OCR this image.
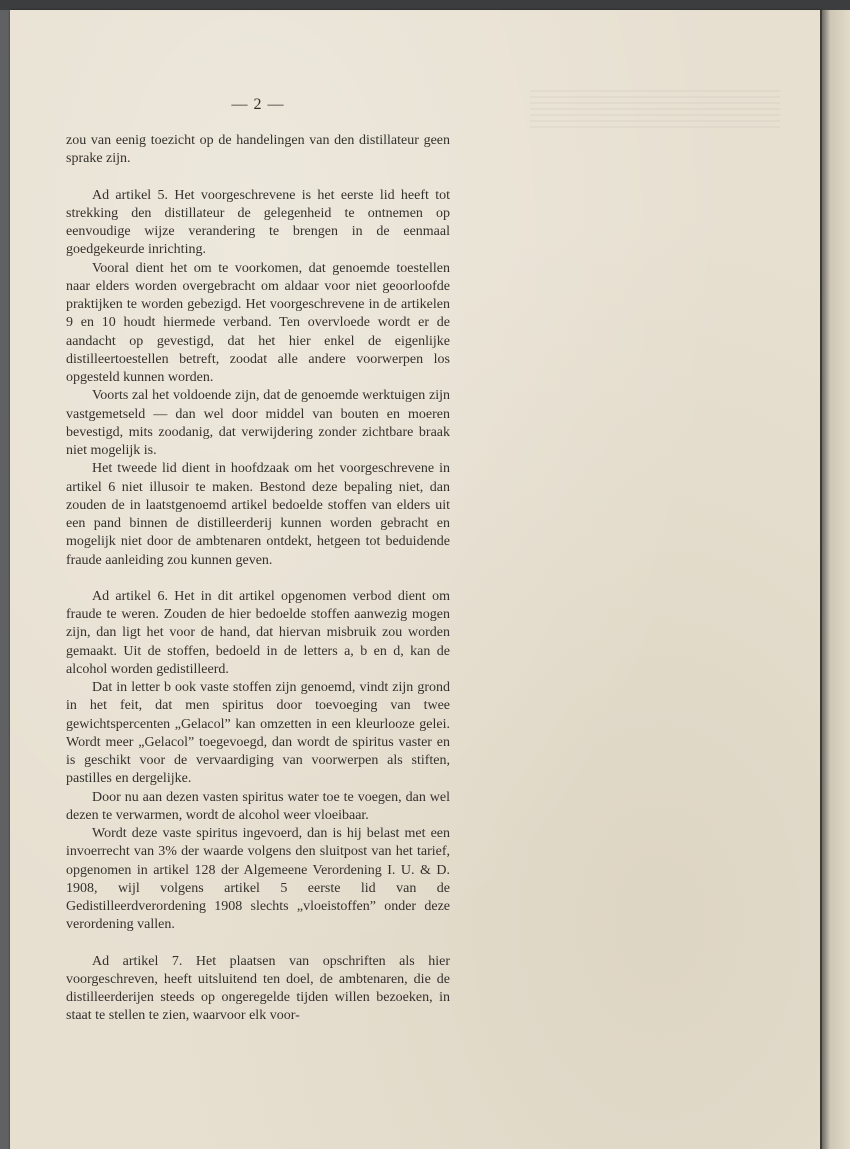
— 2 —

zou van eenig toezicht op de handelingen van den distillateur geen sprake zijn.

Ad artikel 5. Het voorgeschrevene is het eerste lid heeft tot strekking den distillateur de gelegenheid te ontnemen op eenvoudige wijze verandering te brengen in de eenmaal goedgekeurde inrichting.

Vooral dient het om te voorkomen, dat genoemde toestellen naar elders worden overgebracht om aldaar voor niet geoorloofde praktijken te worden gebezigd. Het voorgeschrevene in de artikelen 9 en 10 houdt hiermede verband. Ten overvloede wordt er de aandacht op gevestigd, dat het hier enkel de eigenlijke distilleertoestellen betreft, zoodat alle andere voorwerpen los opgesteld kunnen worden.

Voorts zal het voldoende zijn, dat de genoemde werktuigen zijn vastgemetseld — dan wel door middel van bouten en moeren bevestigd, mits zoodanig, dat verwijdering zonder zichtbare braak niet mogelijk is.

Het tweede lid dient in hoofdzaak om het voorgeschrevene in artikel 6 niet illusoir te maken. Bestond deze bepaling niet, dan zouden de in laatstgenoemd artikel bedoelde stoffen van elders uit een pand binnen de distilleerderij kunnen worden gebracht en mogelijk niet door de ambtenaren ontdekt, hetgeen tot beduidende fraude aanleiding zou kunnen geven.

Ad artikel 6. Het in dit artikel opgenomen verbod dient om fraude te weren. Zouden de hier bedoelde stoffen aanwezig mogen zijn, dan ligt het voor de hand, dat hiervan misbruik zou worden gemaakt. Uit de stoffen, bedoeld in de letters a, b en d, kan de alcohol worden gedistilleerd.

Dat in letter b ook vaste stoffen zijn genoemd, vindt zijn grond in het feit, dat men spiritus door toevoeging van twee gewichtspercenten „Gelacol” kan omzetten in een kleurlooze gelei. Wordt meer „Gelacol” toegevoegd, dan wordt de spiritus vaster en is geschikt voor de vervaardiging van voorwerpen als stiften, pastilles en dergelijke.

Door nu aan dezen vasten spiritus water toe te voegen, dan wel dezen te verwarmen, wordt de alcohol weer vloeibaar.

Wordt deze vaste spiritus ingevoerd, dan is hij belast met een invoerrecht van 3% der waarde volgens den sluitpost van het tarief, opgenomen in artikel 128 der Algemeene Verordening I. U. & D. 1908, wijl volgens artikel 5 eerste lid van de Gedistilleerdverordening 1908 slechts „vloeistoffen” onder deze verordening vallen.

Ad artikel 7. Het plaatsen van opschriften als hier voorgeschreven, heeft uitsluitend ten doel, de ambtenaren, die de distilleerderijen steeds op ongeregelde tijden willen bezoeken, in staat te stellen te zien, waarvoor elk voor-
